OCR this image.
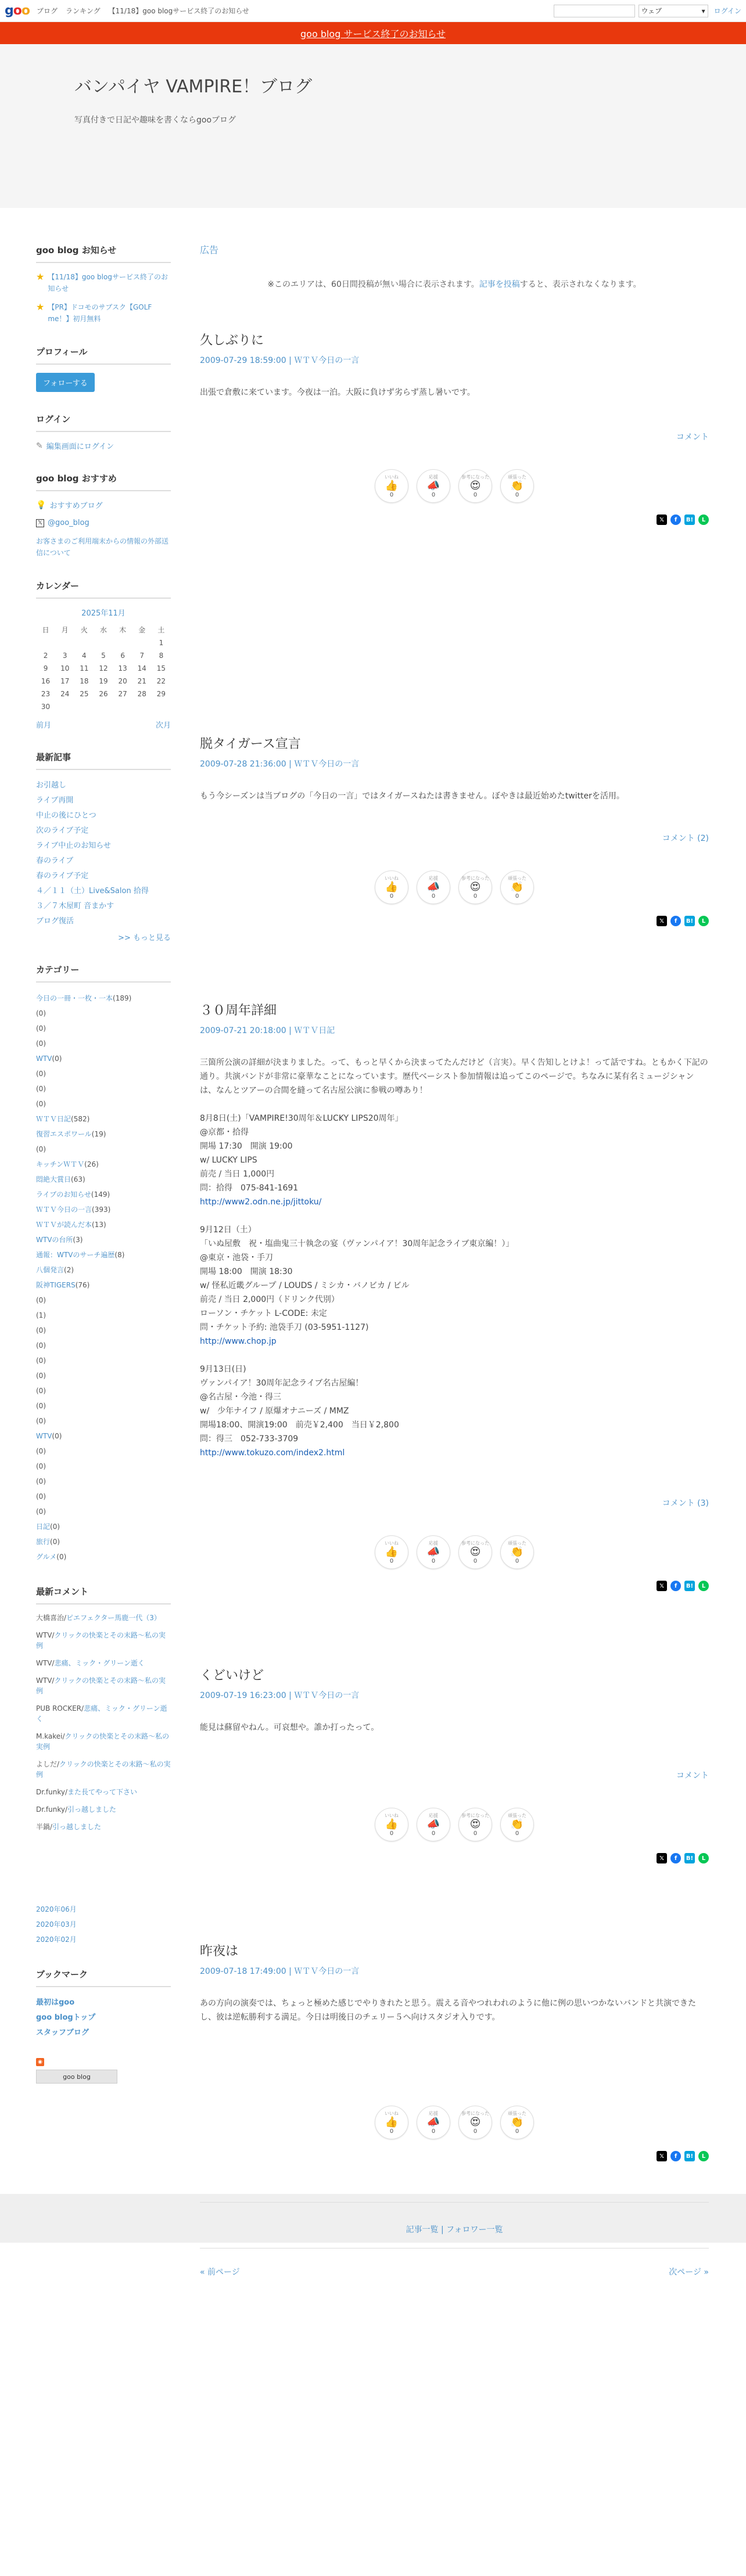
goo ブログ ランキング 【11/18】goo blogサービス終了のお知らせ	ウェブ	▾ ログイン
goo blog サービス終了のお知らせ
バンパイヤ VAMPIRE！ブログ
写真付きで日記や趣味を書くならgooブログ
goo blog お知らせ
★ 【11/18】goo blogサービス終了のお知らせ
★ 【PR】ドコモのサブスク【GOLF me！】初月無料
プロフィール
フォローする
ログイン
✎ 編集画面にログイン
goo blog おすすめ
💡 おすすめブログ
𝕏 @goo_blog
お客さまのご利用端末からの情報の外部送信について
カレンダー
2025年11月
日	月	火	水	木	金	土
						1
2	3	4	5	6	7	8
9	10	11	12	13	14	15
16	17	18	19	20	21	22
23	24	25	26	27	28	29
30						
前月	次月
最新記事
お引越し
ライブ再開
中止の後にひとつ
次のライブ予定
ライブ中止のお知らせ
春のライブ
春のライブ予定
４／１１（土）Live&Salon 拾得
３／７木屋町 音まかす
ブログ復活
>> もっと見る
カテゴリー
今日の一冊・一枚・一本(189)
(0)
(0)
(0)
WTV(0)
(0)
(0)
(0)
ＷＴＶ日記(582)
復習エスポワール(19)
(0)
キッチンＷＴＶ(26)
悶絶大賞日(63)
ライブのお知らせ(149)
ＷＴＶ今日の一言(393)
ＷＴＶが読んだ本(13)
WTVの台所(3)
通報：WTVのサーチ遍歴(8)
八個発言(2)
阪神TIGERS(76)
(0)
(1)
(0)
(0)
(0)
(0)
(0)
(0)
(0)
WTV(0)
(0)
(0)
(0)
(0)
(0)
日記(0)
旅行(0)
グルメ(0)
最新コメント
大橋喜治/ピエフェクター馬鹿一代（3）
WTV/クリックの快楽とその末路〜私の実例
WTV/悲痛、ミック・グリーン逝く
WTV/クリックの快楽とその末路〜私の実例
PUB ROCKER/悲痛、ミック・グリーン逝く
M.kakei/クリックの快楽とその末路〜私の実例
よしだ/クリックの快楽とその末路〜私の実例
Dr.funky/また長てやって下さい
Dr.funky/引っ越しました
半鍋/引っ越しました
2020年06月
2020年03月
2020年02月
ブックマーク
最初はgoo
goo blogトップ
スタッフブログ
◉
goo blog
広告
※このエリアは、60日間投稿が無い場合に表示されます。記事を投稿すると、表示されなくなります。
久しぶりに
2009-07-29 18:59:00 | ＷＴＶ今日の一言
出張で倉敷に来ています。今夜は一泊。大阪に負けず劣らず蒸し暑いです。
コメント
いいね
👍
0
応援
📣
0
参考になった
😍
0
頑張った
👏
0
𝕏	f	B!	L
脱タイガース宣言
2009-07-28 21:36:00 | ＷＴＶ今日の一言
もう今シーズンは当ブログの「今日の一言」ではタイガースねたは書きません。ぼやきは最近始めたtwitterを活用。
コメント (2)
いいね
👍
0
応援
📣
0
参考になった
😍
0
頑張った
👏
0
𝕏	f	B!	L
３０周年詳細
2009-07-21 20:18:00 | ＷＴＶ日記
三箇所公演の詳細が決まりました。って、もっと早くから決まってたんだけど（言実）。早く告知しとけよ！って話ですね。ともかく下記の通り。共演バンドが非常に豪華なことになっています。歴代ベーシスト参加情報は追ってこのページで。ちなみに某有名ミュージシャンは、なんとツアーの合間を縫って名古屋公演に参戦の噂あり！
8月8日(土)「VAMPIRE!30周年＆LUCKY LIPS20周年」
@京都・拾得
開場 17:30　開演 19:00
w/ LUCKY LIPS
前売 / 当日 1,000円
問：拾得　075-841-1691
http://www2.odn.ne.jp/jittoku/
9月12日（土）
「いぬ屋敷　祝・塩曲鬼三十執念の宴（ヴァンパイア！30周年記念ライブ東京編！）」
@東京・池袋・手刀
開場 18:00　開演 18:30
w/ 怪私近畿グループ / LOUDS / ミシカ・バノビカ / ビル
前売 / 当日 2,000円（ドリンク代別）
ローソン・チケット L-CODE: 未定
問・チケット予約: 池袋手刀 (03-5951-1127)
http://www.chop.jp
9月13日(日)
ヴァンパイア！30周年記念ライブ名古屋編！
@名古屋・今池・得三
w/　少年ナイフ / 原爆オナニーズ / MMZ
開場18:00、開演19:00　前売￥2,400　当日￥2,800
問：得三　052-733-3709
http://www.tokuzo.com/index2.html
コメント (3)
いいね
👍
0
応援
📣
0
参考になった
😍
0
頑張った
👏
0
𝕏	f	B!	L
くどいけど
2009-07-19 16:23:00 | ＷＴＶ今日の一言
能見は蘇留やねん。可哀想や。誰か打ったって。
コメント
いいね
👍
0
応援
📣
0
参考になった
😍
0
頑張った
👏
0
𝕏	f	B!	L
昨夜は
2009-07-18 17:49:00 | ＷＴＶ今日の一言
あの方向の演奏では、ちょっと極めた感じでやりきれたと思う。震える音やつれわれのように他に例の思いつかないバンドと共演できたし、彼は逆転勝利する満足。今日は明後日のチェリー５へ向けスタジオ入りです。
いいね
👍
0
応援
📣
0
参考になった
😍
0
頑張った
👏
0
𝕏	f	B!	L
記事一覧 | フォロワー一覧
« 前ページ	次ページ »
